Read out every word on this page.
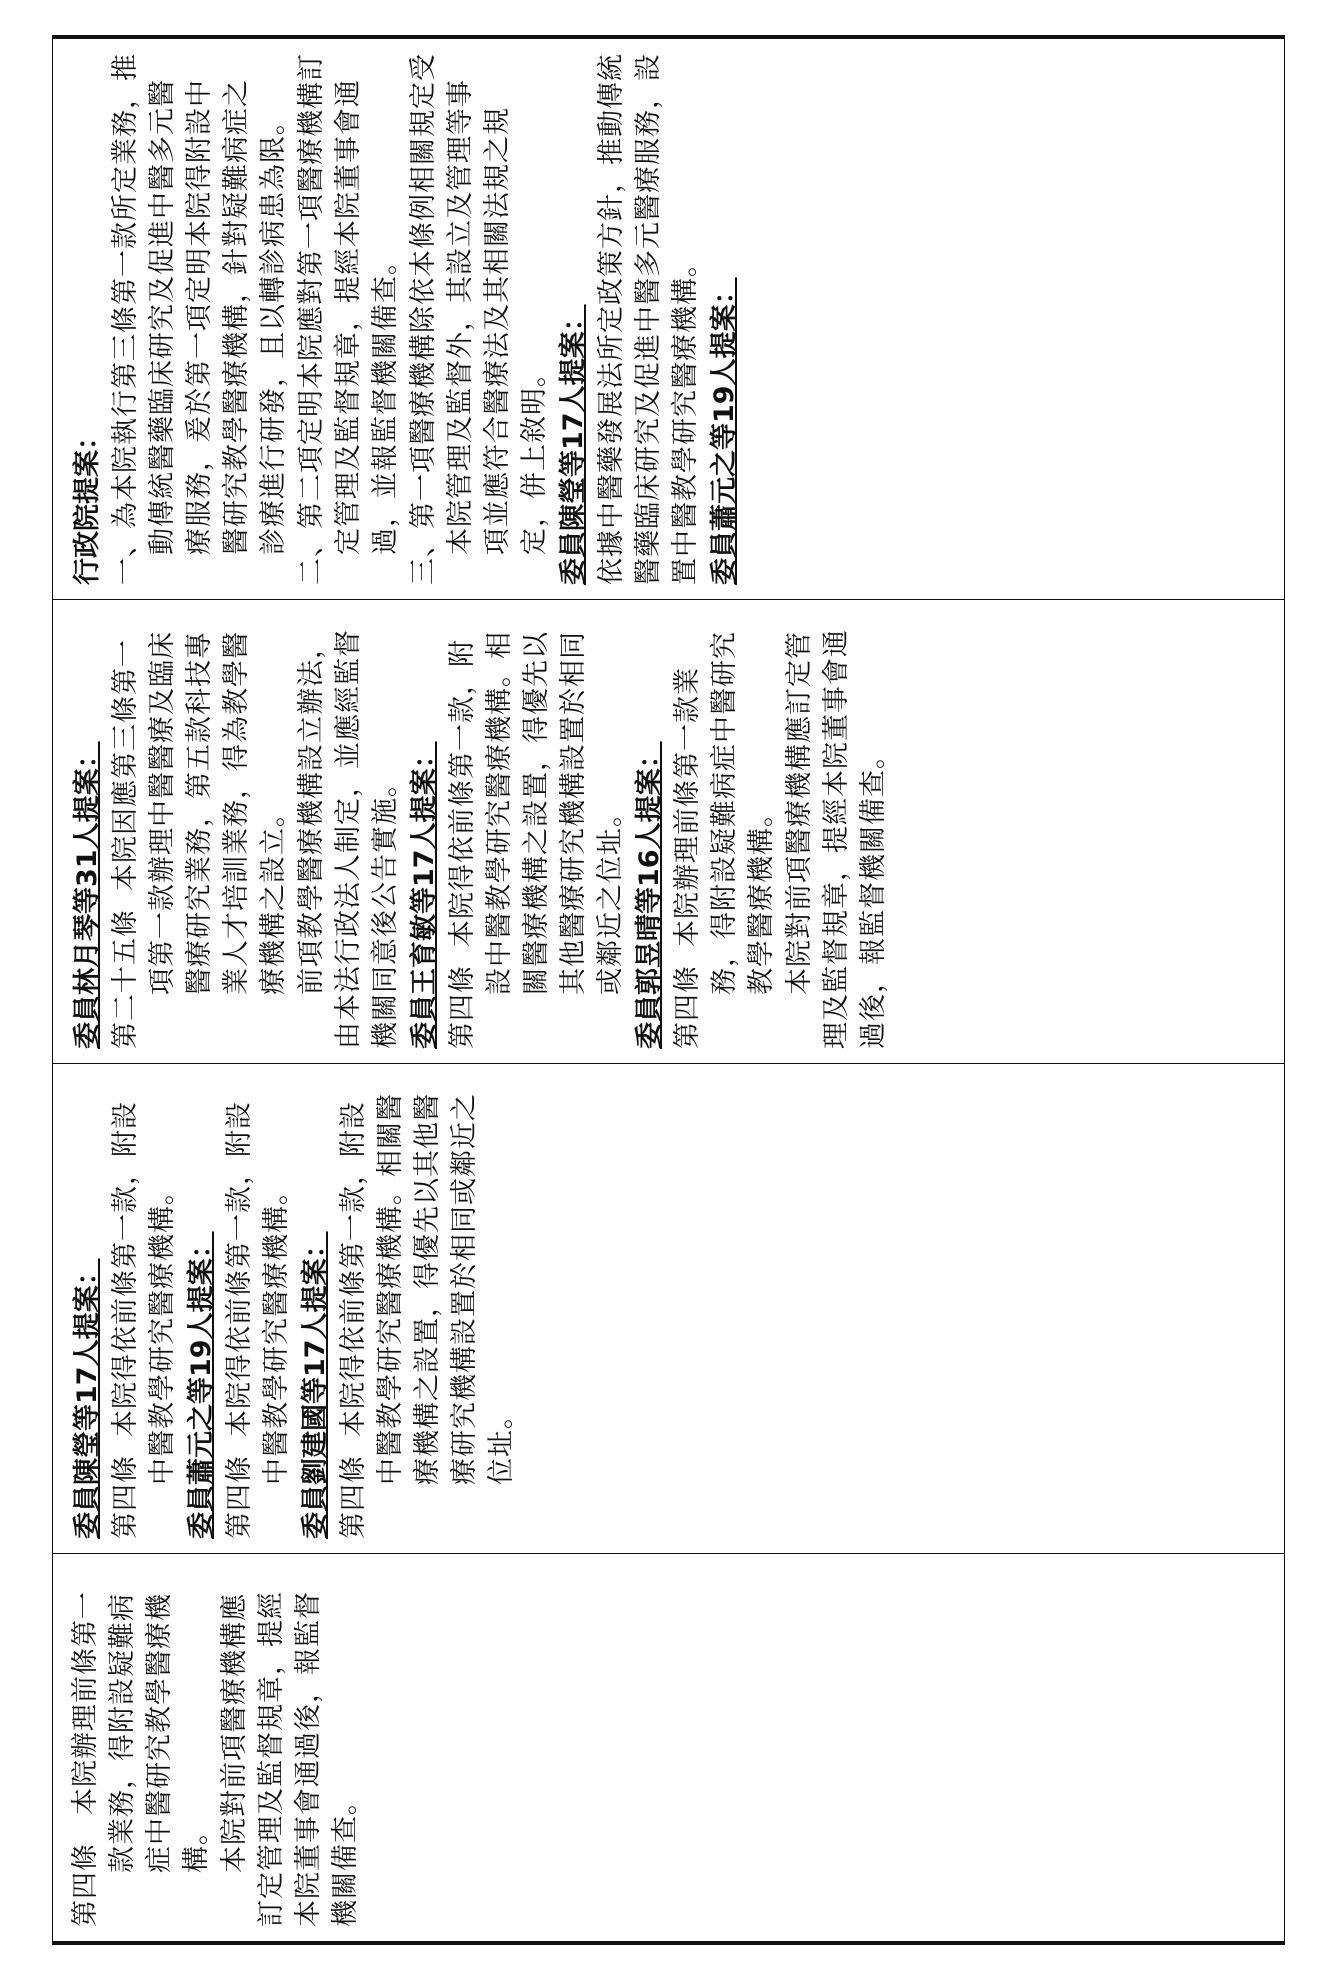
第四條　本院辦理前條第一款業務，得附設疑難病症中醫研究教學醫療機構。 本院對前項醫療機構應訂定管理及監督規章，提經本院董事會通過後，報監督機關備查。

委員陳瑩等17人提案： 第四條本院得依前條第一款，附設中醫教學研究醫療機構。 委員蕭元之等19人提案： 第四條本院得依前條第一款，附設中醫教學研究醫療機構。 委員劉建國等17人提案： 第四條本院得依前條第一款，附設中醫教學研究醫療機構。相關醫療機構之設置，得優先以其他醫療研究機構設置於相同或鄰近之位址。

委員林月琴等31人提案： 第二十五條本院因應第三條第一項第一款辦理中醫醫療及臨床醫療研究業務，第五款科技專業人才培訓業務，得為教學醫療機構之設立。 前項教學醫療機構設立辦法，由本法行政法人制定，並應經監督機關同意後公告實施。 委員王育敏等17人提案： 第四條本院得依前條第一款，附設中醫教學研究醫療機構。相關醫療機構之設置，得優先以其他醫療研究機構設置於相同或鄰近之位址。 委員郭昱晴等16人提案： 第四條本院辦理前條第一款業務，得附設疑難病症中醫研究教學醫療機構。 本院對前項醫療機構應訂定管理及監督規章，提經本院董事會通過後，報監督機關備查。

行政院提案： 一、為本院執行第三條第一款所定業務，推動傳統醫藥臨床研究及促進中醫多元醫療服務，爰於第一項定明本院得附設中醫研究教學醫療機構，針對疑難病症之診療進行研發，且以轉診病患為限。 二、第二項定明本院應對第一項醫療機構訂定管理及監督規章，提經本院董事會通過，並報監督機關備查。 三、第一項醫療機構除依本條例相關規定受本院管理及監督外，其設立及管理等事項並應符合醫療法及其相關法規之規定，併上敘明。 委員陳瑩等17人提案： 依據中醫藥發展法所定政策方針，推動傳統醫藥臨床研究及促進中醫多元醫療服務，設置中醫教學研究醫療機構。 委員蕭元之等19人提案：
